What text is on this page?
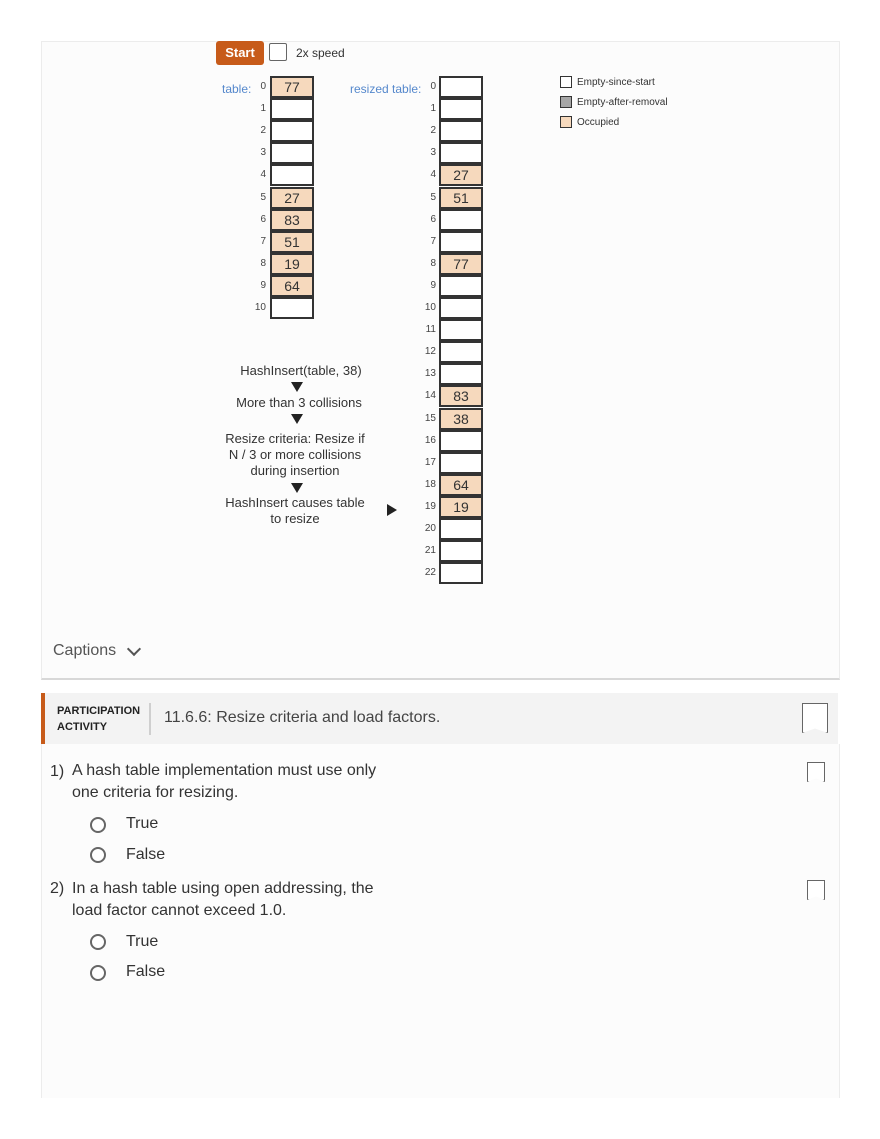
Start	2x speed
table:	resized table:
0	77
1
2
3
4
5	27
6	83
7	51
8	19
9	64
10
0
1
2
3
4	27
5	51
6
7
8	77
9
10
11
12
13
14	83
15	38
16
17
18	64
19	19
20
21
22
Empty-since-start
Empty-after-removal
Occupied
HashInsert(table, 38)
More than 3 collisions
Resize criteria: Resize if
N / 3 or more collisions
during insertion
HashInsert causes table
to resize
Captions
PARTICIPATION
ACTIVITY
11.6.6: Resize criteria and load factors.
1) A hash table implementation must use only
one criteria for resizing.
True
False
2) In a hash table using open addressing, the
load factor cannot exceed 1.0.
True
False
